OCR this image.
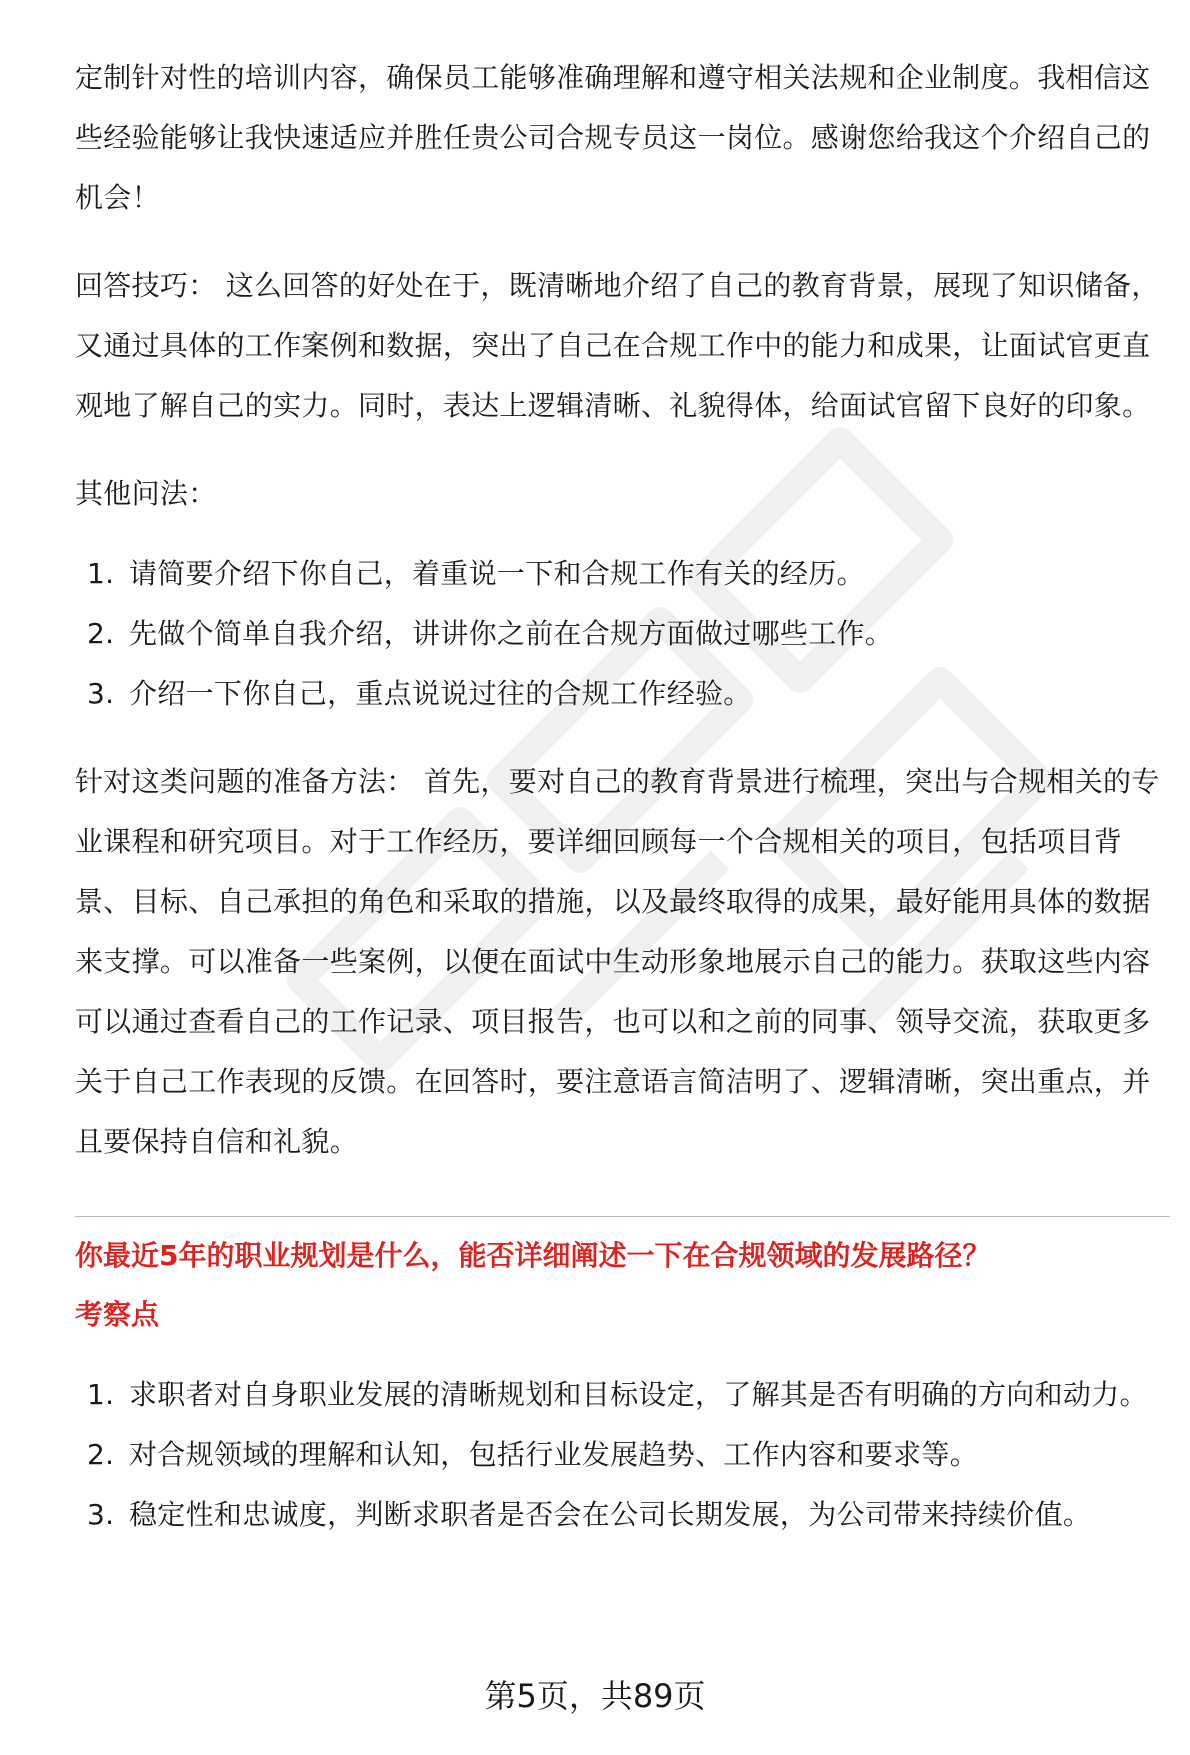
定制针对性的培训内容，确保员工能够准确理解和遵守相关法规和企业制度。我相信这些经验能够让我快速适应并胜任贵公司合规专员这一岗位。感谢您给我这个介绍自己的机会！

回答技巧： 这么回答的好处在于，既清晰地介绍了自己的教育背景，展现了知识储备，又通过具体的工作案例和数据，突出了自己在合规工作中的能力和成果，让面试官更直观地了解自己的实力。同时，表达上逻辑清晰、礼貌得体，给面试官留下良好的印象。

其他问法：

1. 请简要介绍下你自己，着重说一下和合规工作有关的经历。
2. 先做个简单自我介绍，讲讲你之前在合规方面做过哪些工作。
3. 介绍一下你自己，重点说说过往的合规工作经验。

针对这类问题的准备方法： 首先，要对自己的教育背景进行梳理，突出与合规相关的专业课程和研究项目。对于工作经历，要详细回顾每一个合规相关的项目，包括项目背景、目标、自己承担的角色和采取的措施，以及最终取得的成果，最好能用具体的数据来支撑。可以准备一些案例，以便在面试中生动形象地展示自己的能力。获取这些内容可以通过查看自己的工作记录、项目报告，也可以和之前的同事、领导交流，获取更多关于自己工作表现的反馈。在回答时，要注意语言简洁明了、逻辑清晰，突出重点，并且要保持自信和礼貌。

你最近5年的职业规划是什么，能否详细阐述一下在合规领域的发展路径？
考察点
1. 求职者对自身职业发展的清晰规划和目标设定，了解其是否有明确的方向和动力。
2. 对合规领域的理解和认知，包括行业发展趋势、工作内容和要求等。
3. 稳定性和忠诚度，判断求职者是否会在公司长期发展，为公司带来持续价值。
第5页，共89页
